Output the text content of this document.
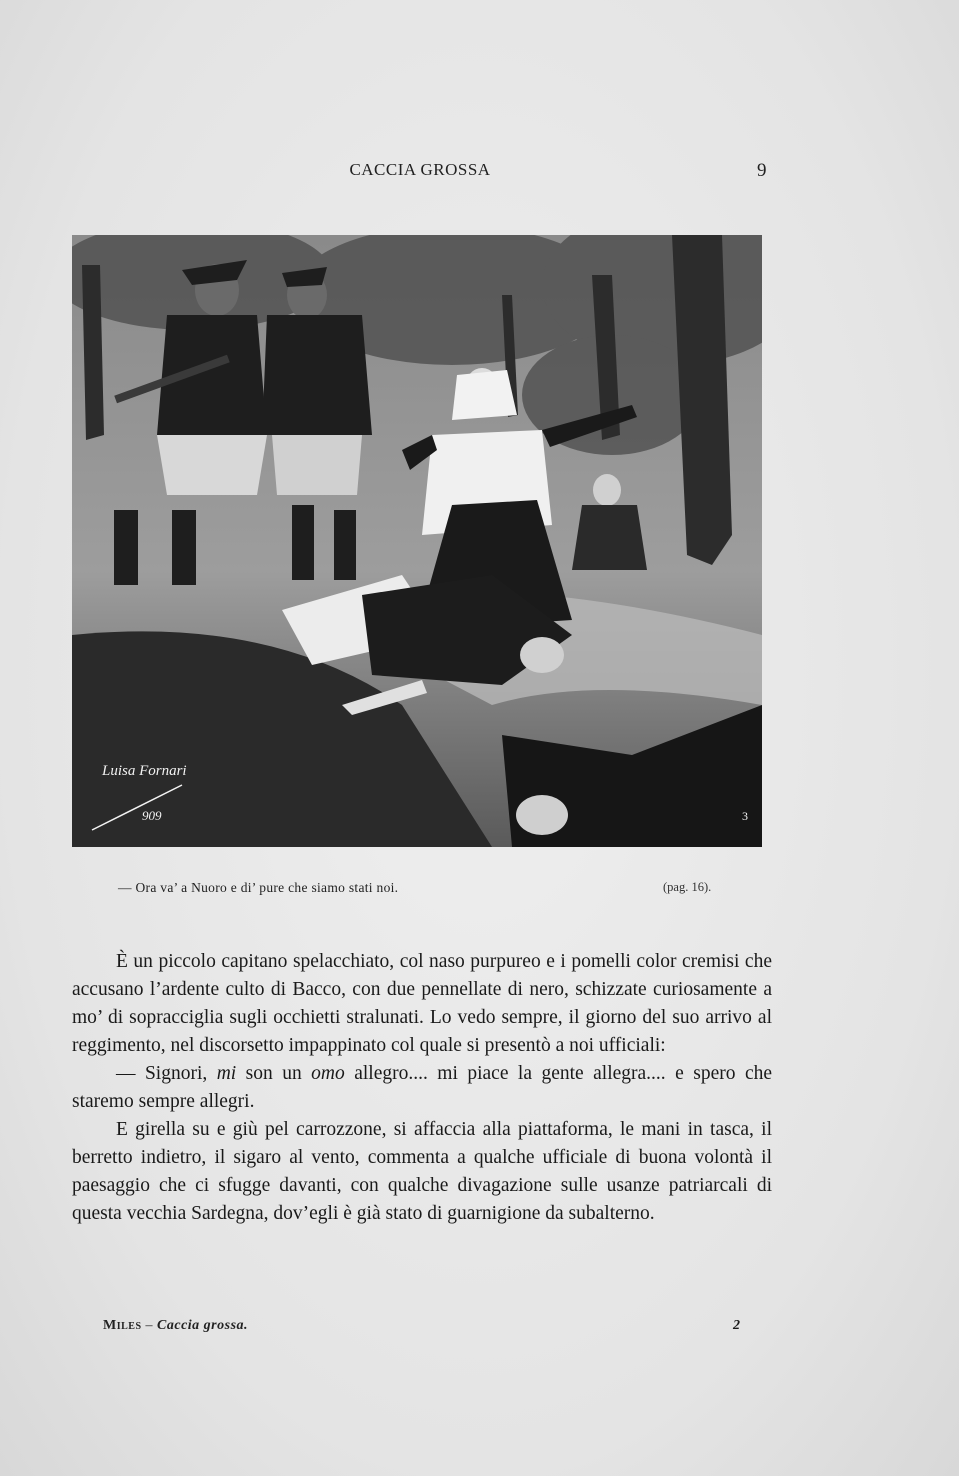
CACCIA GROSSA	9
Luisa Fornari
909	3
— Ora va’ a Nuoro e di’ pure che siamo stati noi.	(pag. 16).

È un piccolo capitano spelacchiato, col naso purpureo e i pomelli color cremisi che accusano l’ardente culto di Bacco, con due pennellate di nero, schizzate curiosamente a mo’ di sopracciglia sugli occhietti stralunati. Lo vedo sempre, il giorno del suo arrivo al reggimento, nel discorsetto impappinato col quale si presentò a noi ufficiali:

— Signori, mi son un omo allegro.... mi piace la gente allegra.... e spero che staremo sempre allegri.

E girella su e giù pel carrozzone, si affaccia alla piattaforma, le mani in tasca, il berretto indietro, il sigaro al vento, commenta a qualche ufficiale di buona volontà il paesaggio che ci sfugge davanti, con qualche divagazione sulle usanze patriarcali di questa vecchia Sardegna, dov’egli è già stato di guarnigione da subalterno.

Miles – Caccia grossa.	2
